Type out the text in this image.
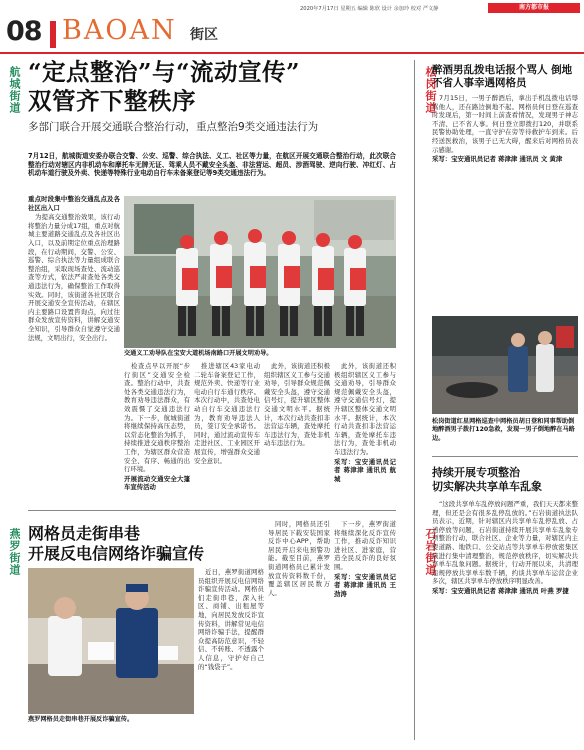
2020年7月17日 星期五 编辑 陈欣 设计 余加玲 校对 严文静	南方都市报
08 BAOAN 街区
航城街道	松岗街道
燕罗街道	石岩街道
“定点整治”与“流动宣传”
双管齐下整秩序
多部门联合开展交通联合整治行动，重点整治9类交通违法行为
7月12日，航城街道安委办联合交警、公安、巡警、综合执法、义工、社区等力量，在航区开展交通联合整治行动，此次联合整治行动对辖区内非机动车和摩托车无牌无证、驾乘人员不戴安全头盔、非法营运、超员、涉酒驾驶、逆向行驶、冲红灯、占机动车道行驶及外卖、快递等特殊行业电动自行车未备案登记等9类交通违法行为。
重点时段集中整治交通乱点及各社区出入口

为提高交通整治效果，该行动将整治力量分成17组，重点对航城主要道路交通乱点及各社区出入口，以及前期定位重点治理路段，在行动期间，交警、公安、巡警、综合执法等力量组成联合整治组，采取现场查处、流动巡查等方式，依法严肃查处各类交通违法行为，确保整治工作取得实效。同时，该街道各社区联合开展交通安全宣传活动，在辖区内主要路口设置咨询点，向过往群众发放宣传资料，讲解交通安全知识，引导群众自觉遵守交通法规，文明出行，安全出行。

交通义工劝导队在宝安大道机场南路口开展文明劝导。

检查点早以开展“步行街区”交通安全检查。整治行动中，共查处各类交通违法行为，教育劝导违法群众，有效震慑了交通违法行为。下一步，航城街道将继续保持高压态势，以常态化整治为抓手，持续推进交通秩序整治工作，为辖区群众营造安全、有序、畅通的出行环境。

开展流动交通安全大篷车宣传活动

推进辖区43家电动二轮车备案登记工作，规范外卖、快递等行业电动自行车通行秩序。本次行动中，共查处电动自行车交通违法行为，教育劝导违法人员，签订安全承诺书。同时，通过流动宣传车走进社区、工业园区开展宣传，增强群众交通安全意识。

此外，该街道还积极组织辖区义工参与交通劝导，引导群众规范佩戴安全头盔，遵守交通信号灯，提升辖区整体交通文明水平。据统计，本次行动共查扣非法营运车辆，查处摩托车违法行为，查处非机动车违法行为。

此外，该街道还积极组织辖区义工参与交通劝导，引导群众规范佩戴安全头盔，遵守交通信号灯，提升辖区整体交通文明水平。据统计，本次行动共查扣非法营运车辆，查处摩托车违法行为，查处非机动车违法行为。

采写：宝安通讯员记者 蒋津津 通讯员 航城
醉酒男乱拨电话报个骂人 倒地不省人事幸遇网格员

7月15日，一男子醉酒后，拿出手机乱拨电话辱骂他人，还在路边倒地不起。网格员何日登在巡查时发现后，第一时间上前查看情况，发现男子神志不清、已不省人事。何日登立即拨打120，并联系民警协助处理，一直守护在旁等待救护车到来。后经送医救治，该男子已无大碍，醒来后对网格员表示感谢。

采写：宝安通讯员记者 蒋津津 通讯员 文 黄津
松岗街道红星网格巡查中网格员胡日登和同事帮助倒地醉酒男子拨打120急救，发现一男子倒地醉在马路边。
持续开展专项整治
切实解决共享单车乱象

“这段共享单车乱停放问题严重，我们天天都来整理，但还是会有很多乱停乱放的。”石岩街道执法队员表示，近期，针对辖区内共享单车乱停乱放、占道停放等问题，石岩街道持续开展共享单车乱象专项整治行动，联合社区、企业等力量，对辖区内主要道路、地铁口、公交站点等共享单车停放密集区域进行集中清理整治，规范停放秩序，切实解决共享单车乱象问题。据统计，行动开展以来，共清理违规停放共享单车数千辆，约谈共享单车运营企业多次，辖区共享单车停放秩序明显改善。

采写：宝安通讯员记者 蒋津津 通讯员 叶燕 罗捷
网格员走街串巷
开展反电信网络诈骗宣传
燕罗网格员走街串巷开展反诈骗宣传。

近日，燕罗街道网格员组织开展反电信网络诈骗宣传活动。网格员们走街串巷，深入社区、商铺、出租屋等地，向居民发放反诈宣传资料，讲解常见电信网络诈骗手法，提醒群众提高防范意识，不轻信、不转账、不透露个人信息，守护好自己的“钱袋子”。

同时，网格员还引导居民下载安装国家反诈中心APP，帮助居民开启来电预警功能。截至目前，燕罗街道网格员已累计发放宣传资料数千份，覆盖辖区居民数万人。

下一步，燕罗街道将继续深化反诈宣传工作，推动反诈知识进社区、进家庭，营造全民反诈的良好氛围。

采写：宝安通讯员记者 蒋津津 通讯员 王劲涛
